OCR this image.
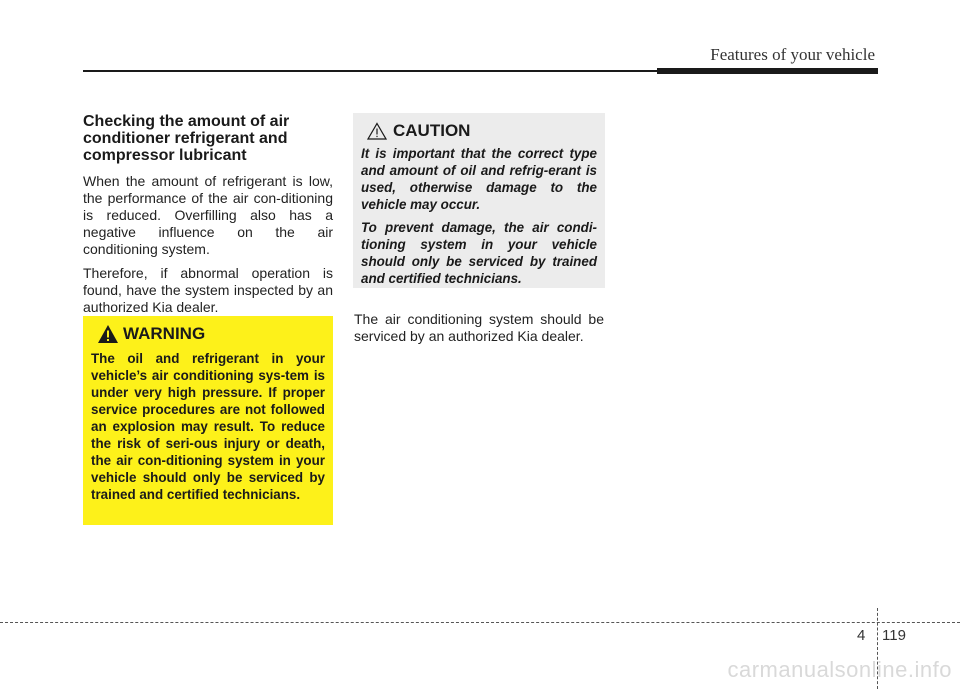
Features of your vehicle
Checking the amount of air conditioner refrigerant and compressor lubricant

When the amount of refrigerant is low, the performance of the air con-ditioning is reduced. Overfilling also has a negative influence on the air conditioning system.

Therefore, if abnormal operation is found, have the system inspected by an authorized Kia dealer.

WARNING
The oil and refrigerant in your vehicle’s air conditioning sys-tem is under very high pressure. If proper service procedures are not followed an explosion may result. To reduce the risk of seri-ous injury or death, the air con-ditioning system in your vehicle should only be serviced by trained and certified technicians.
CAUTION

It is important that the correct type and amount of oil and refrig-erant is used, otherwise damage to the vehicle may occur.

To prevent damage, the air condi-tioning system in your vehicle should only be serviced by trained and certified technicians.

The air conditioning system should be serviced by an authorized Kia dealer.
4 119
carmanualsonline.info
